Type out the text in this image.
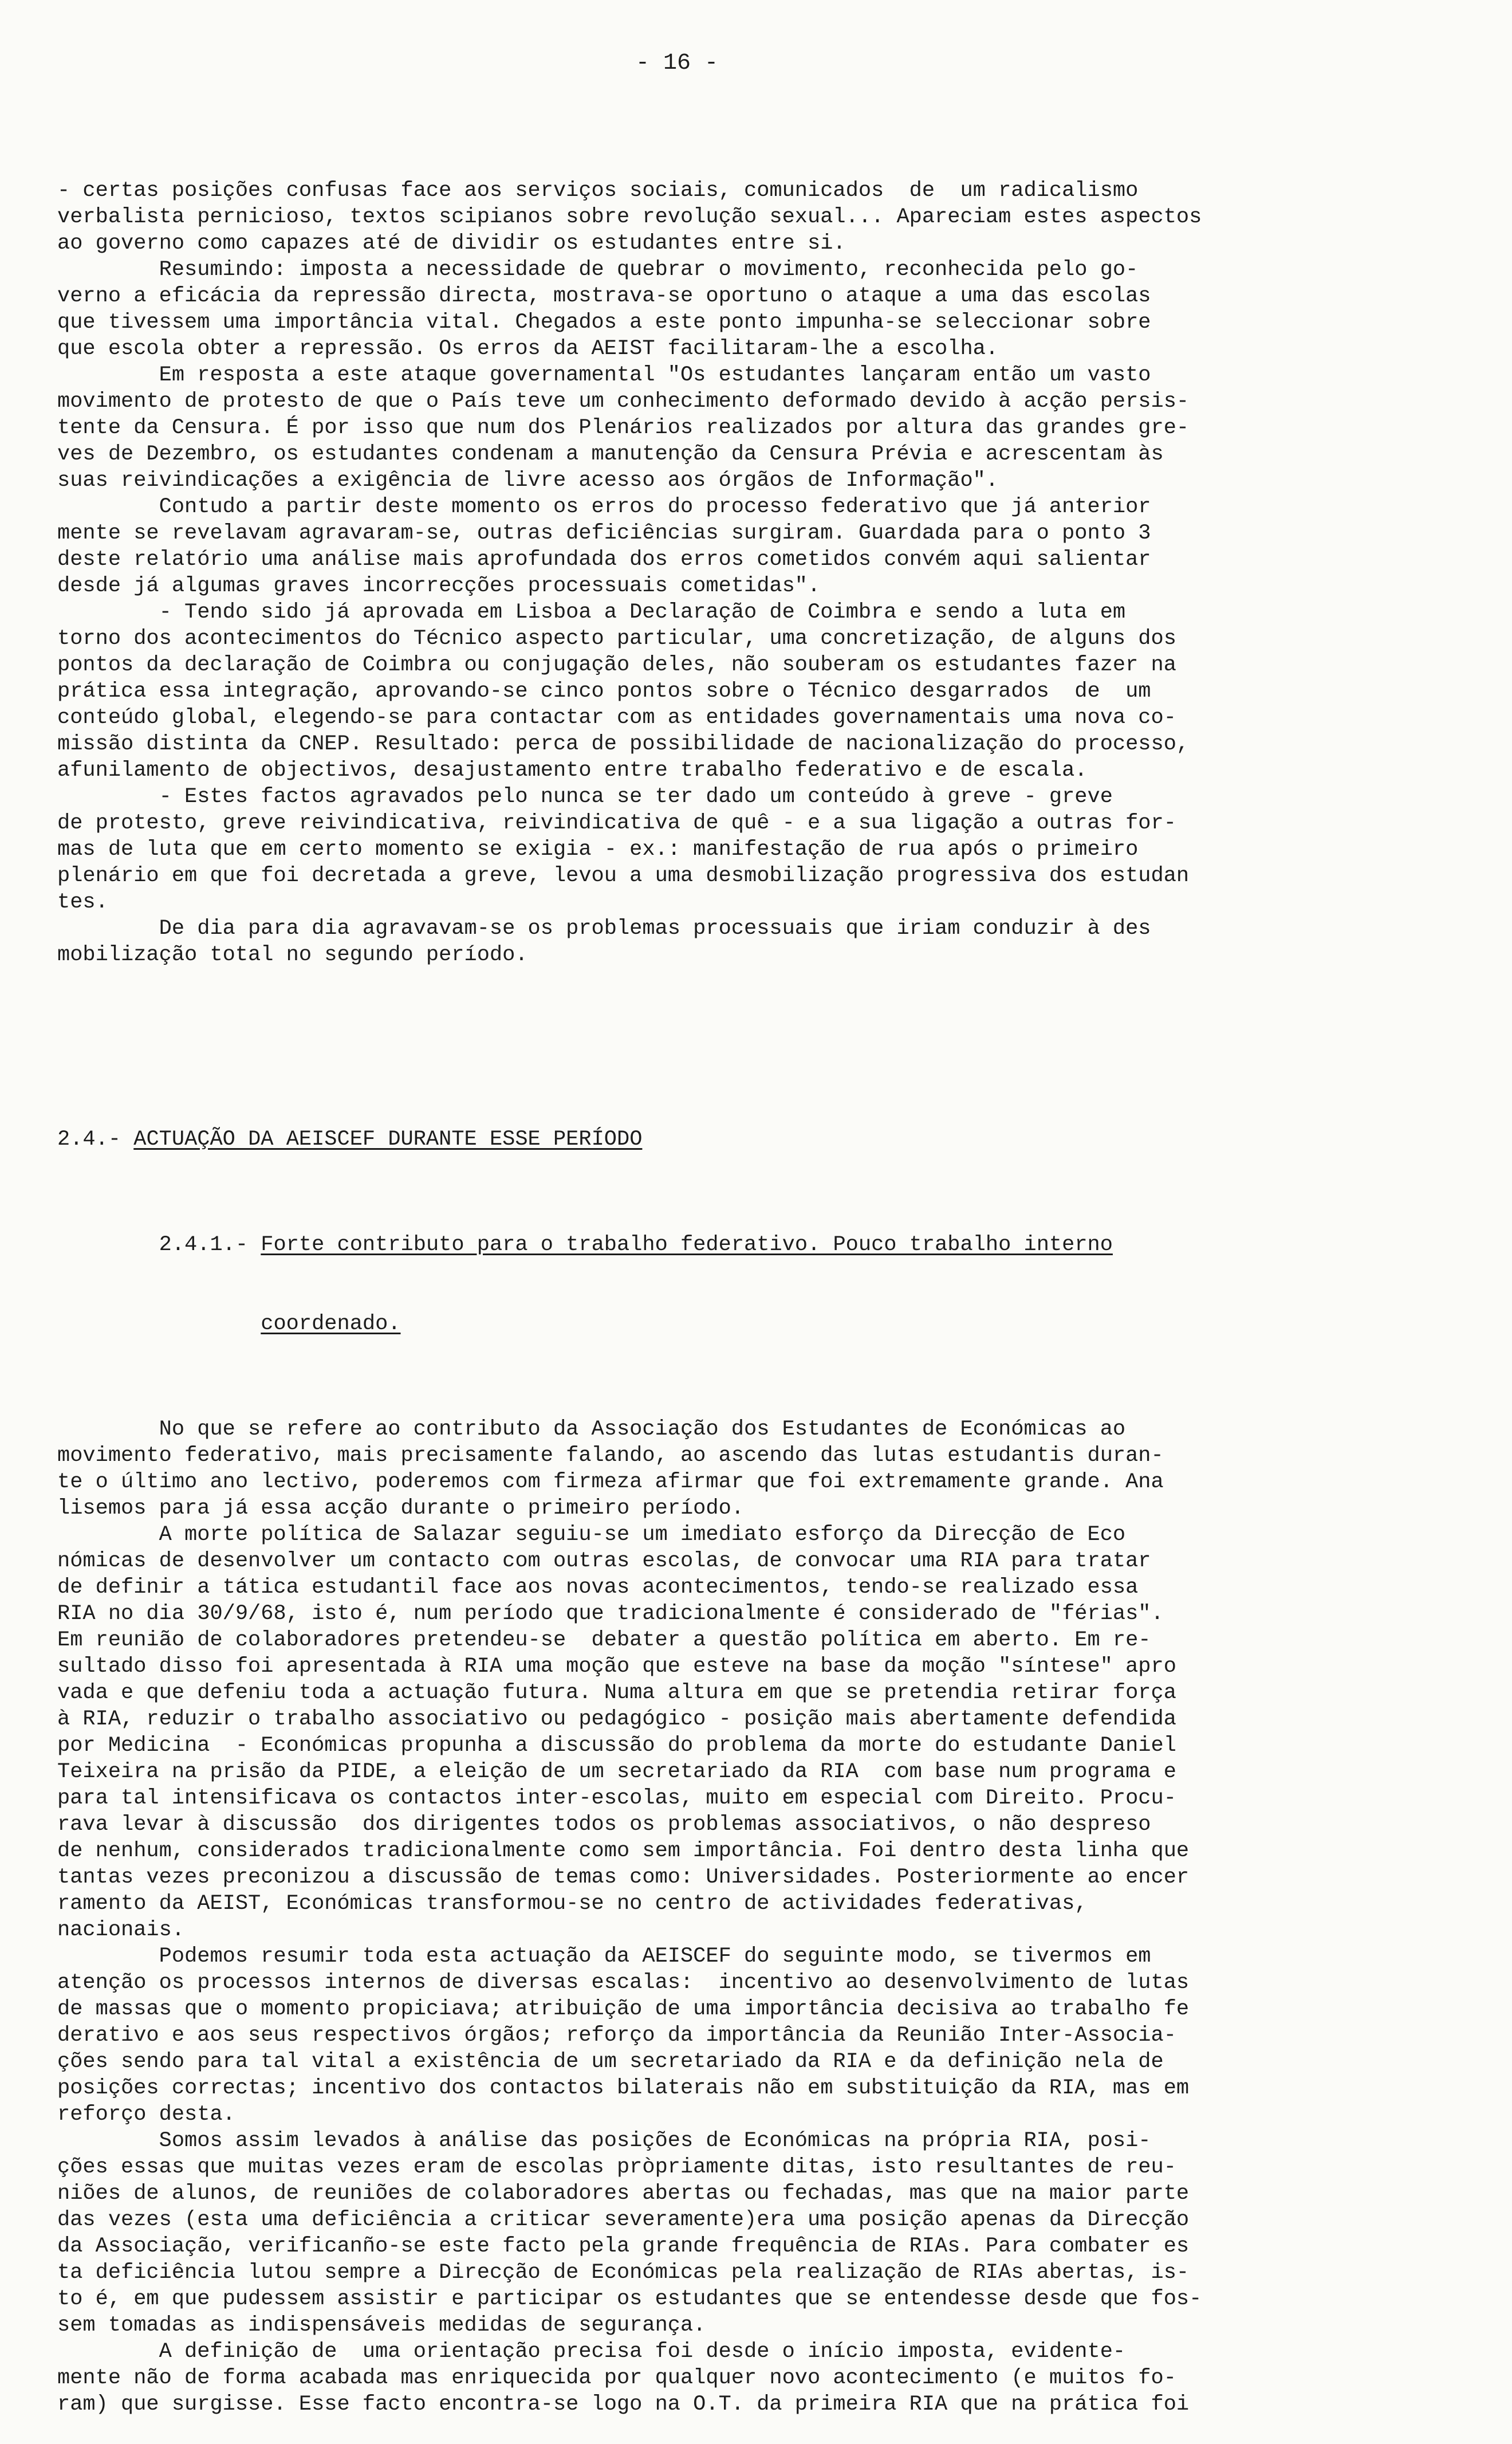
- 16 -

- certas posições confusas face aos serviços sociais, comunicados  de  um radicalismo
verbalista pernicioso, textos scipianos sobre revolução sexual... Apareciam estes aspectos
ao governo como capazes até de dividir os estudantes entre si.
Resumindo: imposta a necessidade de quebrar o movimento, reconhecida pelo go-
verno a eficácia da repressão directa, mostrava-se oportuno o ataque a uma das escolas
que tivessem uma importância vital. Chegados a este ponto impunha-se seleccionar sobre
que escola obter a repressão. Os erros da AEIST facilitaram-lhe a escolha.
Em resposta a este ataque governamental "Os estudantes lançaram então um vasto
movimento de protesto de que o País teve um conhecimento deformado devido à acção persis-
tente da Censura. É por isso que num dos Plenários realizados por altura das grandes gre-
ves de Dezembro, os estudantes condenam a manutenção da Censura Prévia e acrescentam às
suas reivindicações a exigência de livre acesso aos órgãos de Informação".
Contudo a partir deste momento os erros do processo federativo que já anterior
mente se revelavam agravaram-se, outras deficiências surgiram. Guardada para o ponto 3
deste relatório uma análise mais aprofundada dos erros cometidos convém aqui salientar
desde já algumas graves incorrecções processuais cometidas".
- Tendo sido já aprovada em Lisboa a Declaração de Coimbra e sendo a luta em
torno dos acontecimentos do Técnico aspecto particular, uma concretização, de alguns dos
pontos da declaração de Coimbra ou conjugação deles, não souberam os estudantes fazer na
prática essa integração, aprovando-se cinco pontos sobre o Técnico desgarrados  de  um
conteúdo global, elegendo-se para contactar com as entidades governamentais uma nova co-
missão distinta da CNEP. Resultado: perca de possibilidade de nacionalização do processo,
afunilamento de objectivos, desajustamento entre trabalho federativo e de escala.
- Estes factos agravados pelo nunca se ter dado um conteúdo à greve - greve
de protesto, greve reivindicativa, reivindicativa de quê - e a sua ligação a outras for-
mas de luta que em certo momento se exigia - ex.: manifestação de rua após o primeiro
plenário em que foi decretada a greve, levou a uma desmobilização progressiva dos estudan
tes.
De dia para dia agravavam-se os problemas processuais que iriam conduzir à des
mobilização total no segundo período.

2.4.- ACTUAÇÃO DA AEISCEF DURANTE ESSE PERÍODO

2.4.1.- Forte contributo para o trabalho federativo. Pouco trabalho interno

coordenado.

No que se refere ao contributo da Associação dos Estudantes de Económicas ao
movimento federativo, mais precisamente falando, ao ascendo das lutas estudantis duran-
te o último ano lectivo, poderemos com firmeza afirmar que foi extremamente grande. Ana
lisemos para já essa acção durante o primeiro período.
A morte política de Salazar seguiu-se um imediato esforço da Direcção de Eco
nómicas de desenvolver um contacto com outras escolas, de convocar uma RIA para tratar
de definir a tática estudantil face aos novas acontecimentos, tendo-se realizado essa
RIA no dia 30/9/68, isto é, num período que tradicionalmente é considerado de "férias".
Em reunião de colaboradores pretendeu-se  debater a questão política em aberto. Em re-
sultado disso foi apresentada à RIA uma moção que esteve na base da moção "síntese" apro
vada e que defeniu toda a actuação futura. Numa altura em que se pretendia retirar força
à RIA, reduzir o trabalho associativo ou pedagógico - posição mais abertamente defendida
por Medicina  - Económicas propunha a discussão do problema da morte do estudante Daniel
Teixeira na prisão da PIDE, a eleição de um secretariado da RIA  com base num programa e
para tal intensificava os contactos inter-escolas, muito em especial com Direito. Procu-
rava levar à discussão  dos dirigentes todos os problemas associativos, o não despreso
de nenhum, considerados tradicionalmente como sem importância. Foi dentro desta linha que
tantas vezes preconizou a discussão de temas como: Universidades. Posteriormente ao encer
ramento da AEIST, Económicas transformou-se no centro de actividades federativas,
nacionais.
Podemos resumir toda esta actuação da AEISCEF do seguinte modo, se tivermos em
atenção os processos internos de diversas escalas:  incentivo ao desenvolvimento de lutas
de massas que o momento propiciava; atribuição de uma importância decisiva ao trabalho fe
derativo e aos seus respectivos órgãos; reforço da importância da Reunião Inter-Associa-
ções sendo para tal vital a existência de um secretariado da RIA e da definição nela de
posições correctas; incentivo dos contactos bilaterais não em substituição da RIA, mas em
reforço desta.
Somos assim levados à análise das posições de Económicas na própria RIA, posi-
ções essas que muitas vezes eram de escolas pròpriamente ditas, isto resultantes de reu-
niões de alunos, de reuniões de colaboradores abertas ou fechadas, mas que na maior parte
das vezes (esta uma deficiência a criticar severamente)era uma posição apenas da Direcção
da Associação, verificanño-se este facto pela grande frequência de RIAs. Para combater es
ta deficiência lutou sempre a Direcção de Económicas pela realização de RIAs abertas, is-
to é, em que pudessem assistir e participar os estudantes que se entendesse desde que fos-
sem tomadas as indispensáveis medidas de segurança.
A definição de  uma orientação precisa foi desde o início imposta, evidente-
mente não de forma acabada mas enriquecida por qualquer novo acontecimento (e muitos fo-
ram) que surgisse. Esse facto encontra-se logo na O.T. da primeira RIA que na prática foi
